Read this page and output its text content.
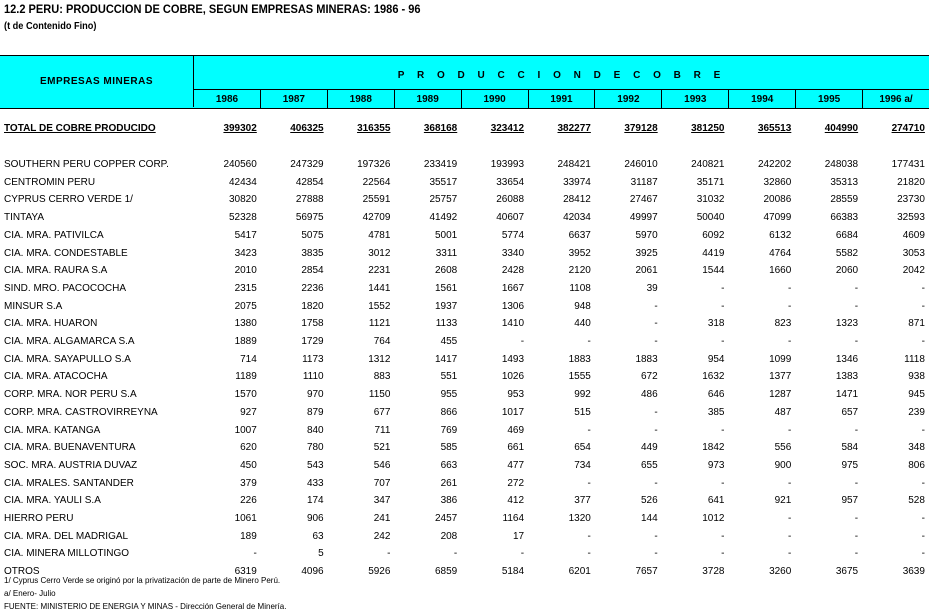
12.2 PERU: PRODUCCION DE COBRE, SEGUN EMPRESAS MINERAS: 1986 - 96
(t de Contenido Fino)
EMPRESAS MINERAS	P R O D U C C I O N D E C O B R E
1986	1987	1988	1989	1990	1991	1992	1993	1994	1995	1996 a/
TOTAL DE COBRE PRODUCIDO	399302	406325	316355	368168	323412	382277	379128	381250	365513	404990	274710
SOUTHERN PERU COPPER CORP.	240560	247329	197326	233419	193993	248421	246010	240821	242202	248038	177431
CENTROMIN PERU	42434	42854	22564	35517	33654	33974	31187	35171	32860	35313	21820
CYPRUS CERRO VERDE 1/	30820	27888	25591	25757	26088	28412	27467	31032	20086	28559	23730
TINTAYA	52328	56975	42709	41492	40607	42034	49997	50040	47099	66383	32593
CIA. MRA. PATIVILCA	5417	5075	4781	5001	5774	6637	5970	6092	6132	6684	4609
CIA. MRA. CONDESTABLE	3423	3835	3012	3311	3340	3952	3925	4419	4764	5582	3053
CIA. MRA. RAURA S.A	2010	2854	2231	2608	2428	2120	2061	1544	1660	2060	2042
SIND. MRO. PACOCOCHA	2315	2236	1441	1561	1667	1108	39	-	-	-	-
MINSUR S.A	2075	1820	1552	1937	1306	948	-	-	-	-	-
CIA. MRA. HUARON	1380	1758	1121	1133	1410	440	-	318	823	1323	871
CIA. MRA. ALGAMARCA S.A	1889	1729	764	455	-	-	-	-	-	-	-
CIA. MRA. SAYAPULLO S.A	714	1173	1312	1417	1493	1883	1883	954	1099	1346	1118
CIA. MRA. ATACOCHA	1189	1110	883	551	1026	1555	672	1632	1377	1383	938
CORP. MRA. NOR PERU S.A	1570	970	1150	955	953	992	486	646	1287	1471	945
CORP. MRA. CASTROVIRREYNA	927	879	677	866	1017	515	-	385	487	657	239
CIA. MRA. KATANGA	1007	840	711	769	469	-	-	-	-	-	-
CIA. MRA. BUENAVENTURA	620	780	521	585	661	654	449	1842	556	584	348
SOC. MRA. AUSTRIA DUVAZ	450	543	546	663	477	734	655	973	900	975	806
CIA. MRALES. SANTANDER	379	433	707	261	272	-	-	-	-	-	-
CIA. MRA. YAULI S.A	226	174	347	386	412	377	526	641	921	957	528
HIERRO PERU	1061	906	241	2457	1164	1320	144	1012	-	-	-
CIA. MRA. DEL MADRIGAL	189	63	242	208	17	-	-	-	-	-	-
CIA. MINERA MILLOTINGO	-	5	-	-	-	-	-	-	-	-	-
OTROS	6319	4096	5926	6859	5184	6201	7657	3728	3260	3675	3639
1/ Cyprus Cerro Verde se originó por la privatización de parte de Minero Perú.
a/ Enero- Julio
FUENTE: MINISTERIO DE ENERGIA Y MINAS - Dirección General de Minería.
